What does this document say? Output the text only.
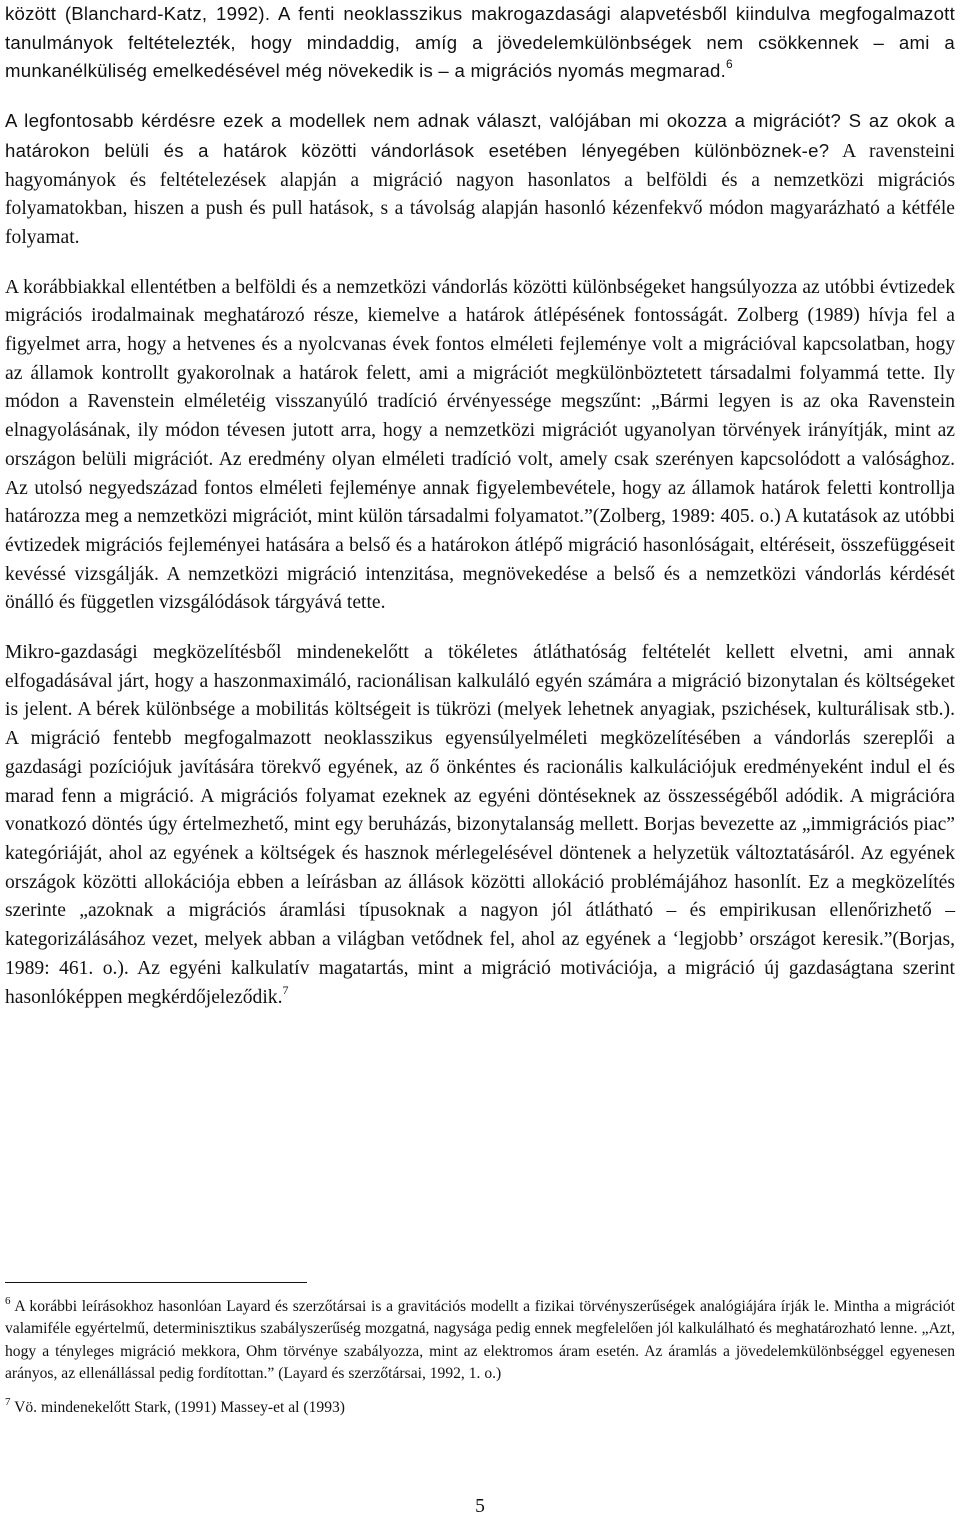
között (Blanchard-Katz, 1992). A fenti neoklasszikus makrogazdasági alapvetésből kiindulva megfogalmazott tanulmányok feltételezték, hogy mindaddig, amíg a jövedelemkülönbségek nem csökkennek – ami a munkanélküliség emelkedésével még növekedik is – a migrációs nyomás megmarad.$^6$

A legfontosabb kérdésre ezek a modellek nem adnak választ, valójában mi okozza a migrációt? S az okok a határokon belüli és a határok közötti vándorlások esetében lényegében különböznek-e? A ravensteini hagyományok és feltételezések alapján a migráció nagyon hasonlatos a belföldi és a nemzetközi migrációs folyamatokban, hiszen a push és pull hatások, s a távolság alapján hasonló kézenfekvő módon magyarázható a kétféle folyamat.

A korábbiakkal ellentétben a belföldi és a nemzetközi vándorlás közötti különbségeket hangsúlyozza az utóbbi évtizedek migrációs irodalmainak meghatározó része, kiemelve a határok átlépésének fontosságát. Zolberg (1989) hívja fel a figyelmet arra, hogy a hetvenes és a nyolcvanas évek fontos elméleti fejleménye volt a migrációval kapcsolatban, hogy az államok kontrollt gyakorolnak a határok felett, ami a migrációt megkülönböztetett társadalmi folyammá tette. Ily módon a Ravenstein elméletéig visszanyúló tradíció érvényessége megszűnt: „Bármi legyen is az oka Ravenstein elnagyolásának, ily módon tévesen jutott arra, hogy a nemzetközi migrációt ugyanolyan törvények irányítják, mint az országon belüli migrációt. Az eredmény olyan elméleti tradíció volt, amely csak szerényen kapcsolódott a valósághoz. Az utolsó negyedszázad fontos elméleti fejleménye annak figyelembevétele, hogy az államok határok feletti kontrollja határozza meg a nemzetközi migrációt, mint külön társadalmi folyamatot.”(Zolberg, 1989: 405. o.) A kutatások az utóbbi évtizedek migrációs fejleményei hatására a belső és a határokon átlépő migráció hasonlóságait, eltéréseit, összefüggéseit kevéssé vizsgálják. A nemzetközi migráció intenzitása, megnövekedése a belső és a nemzetközi vándorlás kérdését önálló és független vizsgálódások tárgyává tette.

Mikro-gazdasági megközelítésből mindenekelőtt a tökéletes átláthatóság feltételét kellett elvetni, ami annak elfogadásával járt, hogy a haszonmaximáló, racionálisan kalkuláló egyén számára a migráció bizonytalan és költségeket is jelent. A bérek különbsége a mobilitás költségeit is tükrözi (melyek lehetnek anyagiak, pszichések, kulturálisak stb.). A migráció fentebb megfogalmazott neoklasszikus egyensúlyelméleti megközelítésében a vándorlás szereplői a gazdasági pozíciójuk javítására törekvő egyének, az ő önkéntes és racionális kalkulációjuk eredményeként indul el és marad fenn a migráció. A migrációs folyamat ezeknek az egyéni döntéseknek az összességéből adódik. A migrációra vonatkozó döntés úgy értelmezhető, mint egy beruházás, bizonytalanság mellett. Borjas bevezette az „immigrációs piac” kategóriáját, ahol az egyének a költségek és hasznok mérlegelésével döntenek a helyzetük változtatásáról. Az egyének országok közötti allokációja ebben a leírásban az állások közötti allokáció problémájához hasonlít. Ez a megközelítés szerinte „azoknak a migrációs áramlási típusoknak a nagyon jól átlátható – és empirikusan ellenőrizhető – kategorizálásához vezet, melyek abban a világban vetődnek fel, ahol az egyének a ‘legjobb’ országot keresik.”(Borjas, 1989: 461. o.). Az egyéni kalkulatív magatartás, mint a migráció motivációja, a migráció új gazdaságtana szerint hasonlóképpen megkérdőjeleződik.$^7$

$^6$ A korábbi leírásokhoz hasonlóan Layard és szerzőtársai is a gravitációs modellt a fizikai törvényszerűségek analógiájára írják le. Mintha a migrációt valamiféle egyértelmű, determinisztikus szabályszerűség mozgatná, nagysága pedig ennek megfelelően jól kalkulálható és meghatározható lenne. „Azt, hogy a tényleges migráció mekkora, Ohm törvénye szabályozza, mint az elektromos áram esetén. Az áramlás a jövedelemkülönbséggel egyenesen arányos, az ellenállással pedig fordítottan.” (Layard és szerzőtársai, 1992, 1. o.)

$^7$ Vö. mindenekelőtt Stark, (1991) Massey-et al (1993)

5
